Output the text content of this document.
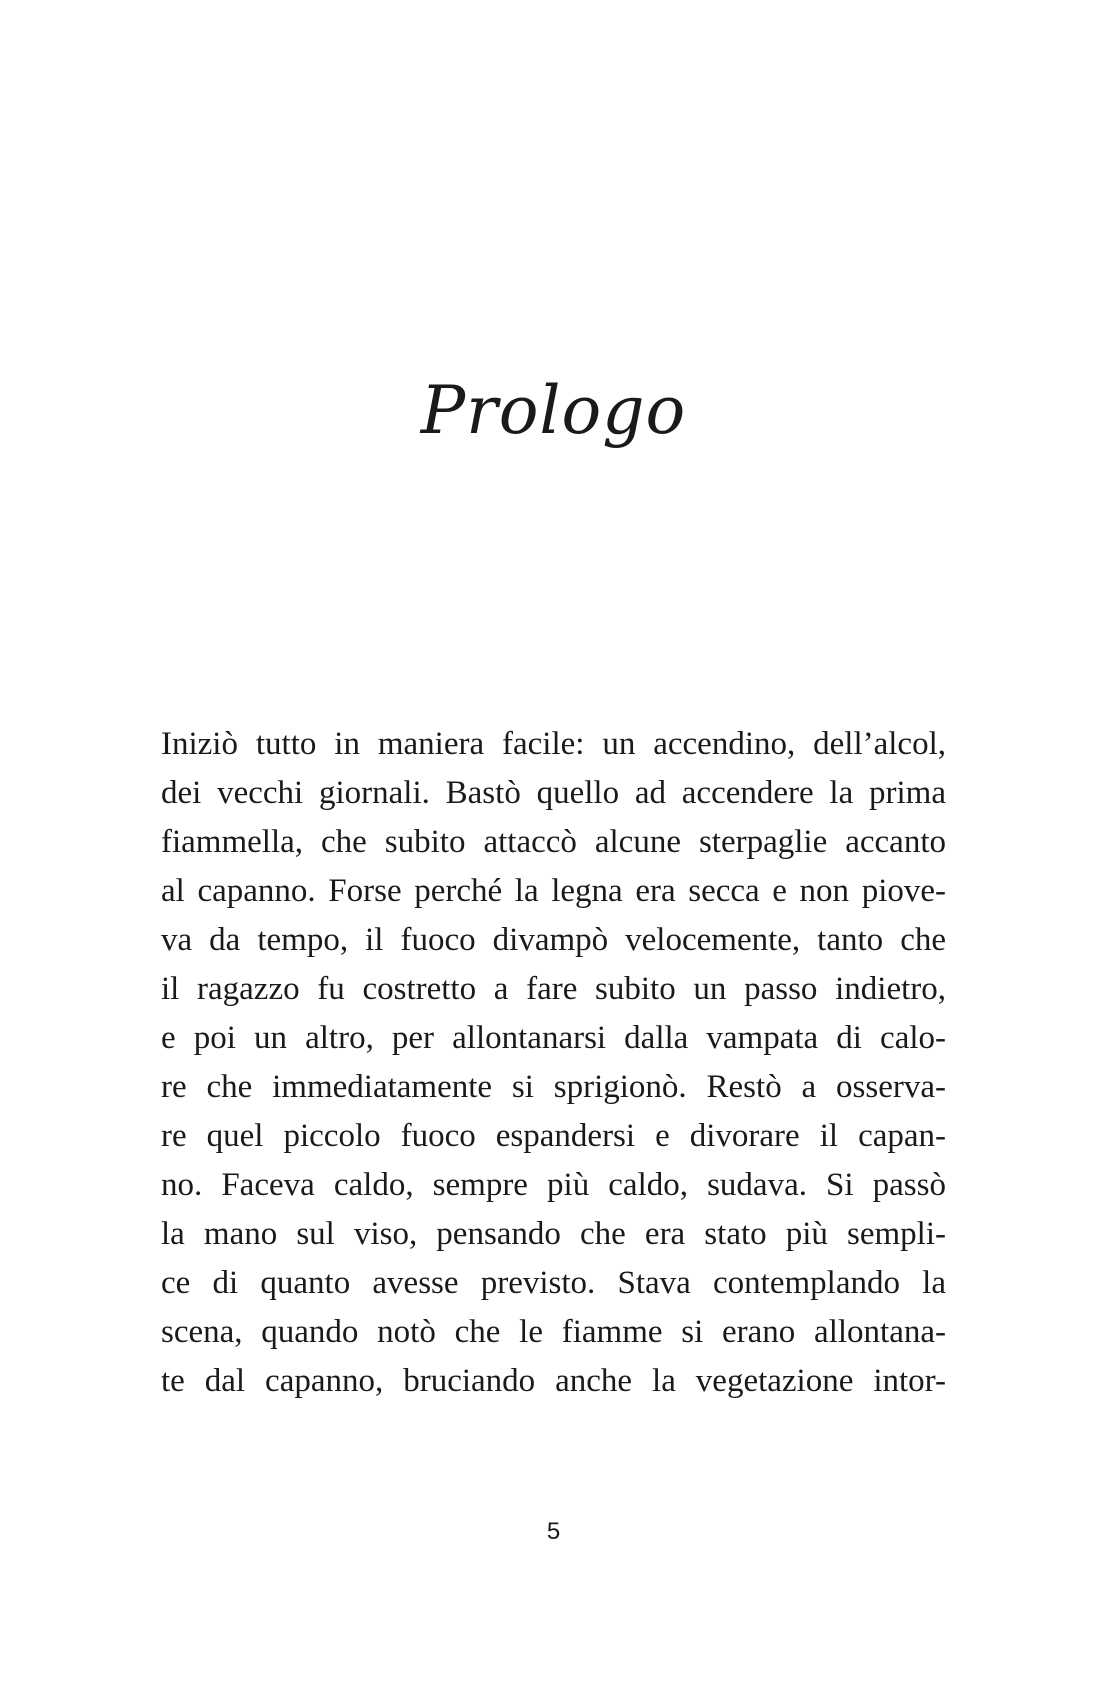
Prologo
Iniziò tutto in maniera facile: un accendino, dell’alcol,
dei vecchi giornali. Bastò quello ad accendere la prima
fiammella, che subito attaccò alcune sterpaglie accanto
al capanno. Forse perché la legna era secca e non piove-
va da tempo, il fuoco divampò velocemente, tanto che
il ragazzo fu costretto a fare subito un passo indietro,
e poi un altro, per allontanarsi dalla vampata di calo-
re che immediatamente si sprigionò. Restò a osserva-
re quel piccolo fuoco espandersi e divorare il capan-
no. Faceva caldo, sempre più caldo, sudava. Si passò
la mano sul viso, pensando che era stato più sempli-
ce di quanto avesse previsto. Stava contemplando la
scena, quando notò che le fiamme si erano allontana-
te dal capanno, bruciando anche la vegetazione intor-
5
